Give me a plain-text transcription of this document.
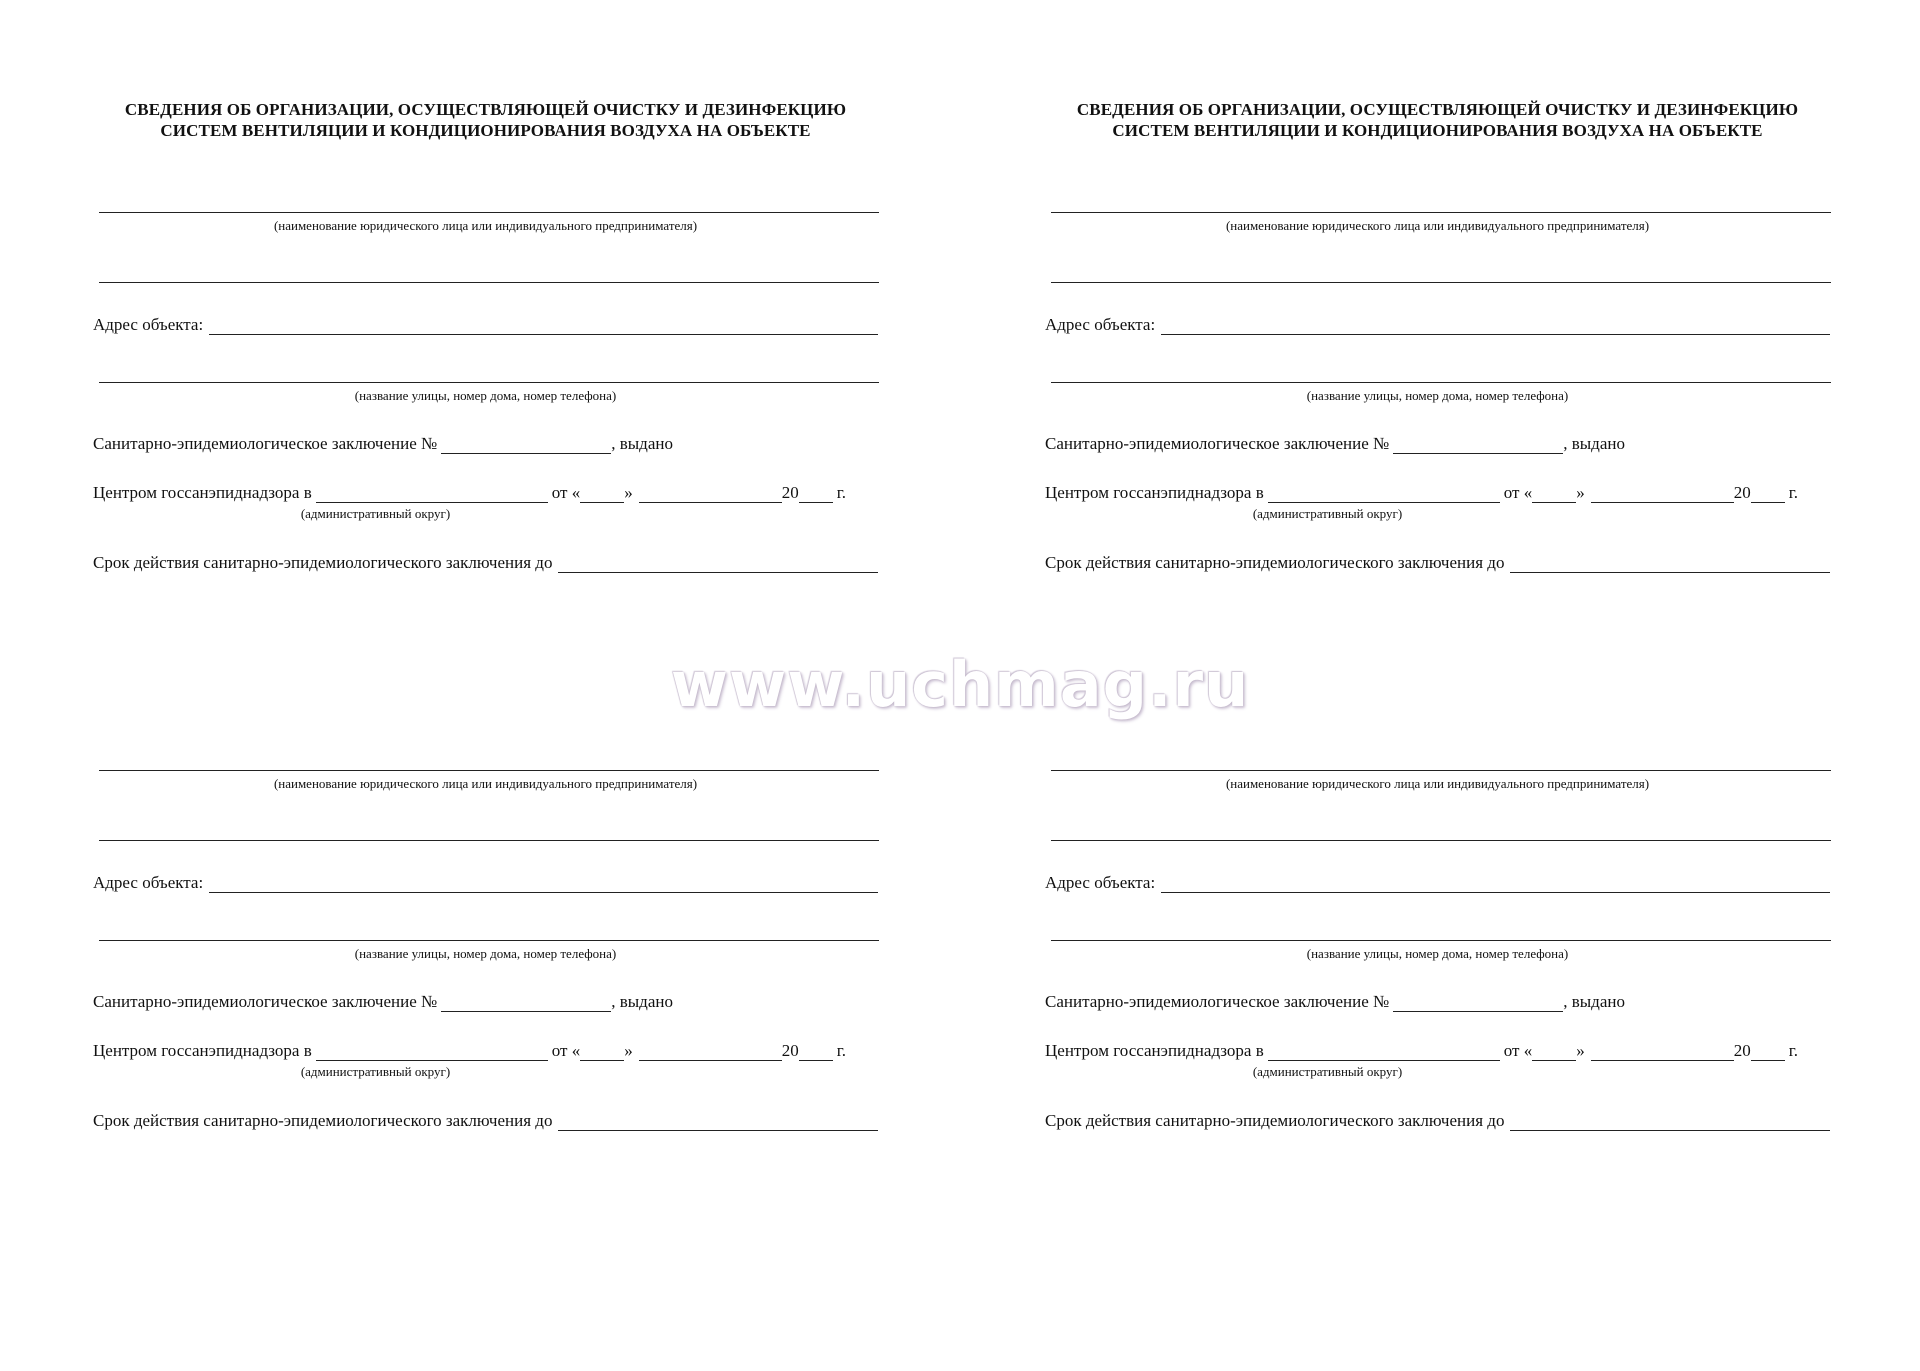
СВЕДЕНИЯ ОБ ОРГАНИЗАЦИИ, ОСУЩЕСТВЛЯЮЩЕЙ ОЧИСТКУ И ДЕЗИНФЕКЦИЮ
СИСТЕМ ВЕНТИЛЯЦИИ И КОНДИЦИОНИРОВАНИЯ ВОЗДУХА НА ОБЪЕКТЕ
(наименование юридического лица или индивидуального предпринимателя)
Адрес объекта:
(название улицы, номер дома, номер телефона)
Санитарно-эпидемиологическое заключение №	, выдано
Центром госсанэпиднадзора в	от «	»	20 г.
(административный округ)
Срок действия санитарно-эпидемиологического заключения до
(наименование юридического лица или индивидуального предпринимателя)
Адрес объекта:
(название улицы, номер дома, номер телефона)
Санитарно-эпидемиологическое заключение №	, выдано
Центром госсанэпиднадзора в	от «	»	20 г.
(административный округ)
Срок действия санитарно-эпидемиологического заключения до
СВЕДЕНИЯ ОБ ОРГАНИЗАЦИИ, ОСУЩЕСТВЛЯЮЩЕЙ ОЧИСТКУ И ДЕЗИНФЕКЦИЮ
СИСТЕМ ВЕНТИЛЯЦИИ И КОНДИЦИОНИРОВАНИЯ ВОЗДУХА НА ОБЪЕКТЕ
(наименование юридического лица или индивидуального предпринимателя)
Адрес объекта:
(название улицы, номер дома, номер телефона)
Санитарно-эпидемиологическое заключение №	, выдано
Центром госсанэпиднадзора в	от «	»	20 г.
(административный округ)
Срок действия санитарно-эпидемиологического заключения до
(наименование юридического лица или индивидуального предпринимателя)
Адрес объекта:
(название улицы, номер дома, номер телефона)
Санитарно-эпидемиологическое заключение №	, выдано
Центром госсанэпиднадзора в	от «	»	20 г.
(административный округ)
Срок действия санитарно-эпидемиологического заключения до
www.uchmag.ru
